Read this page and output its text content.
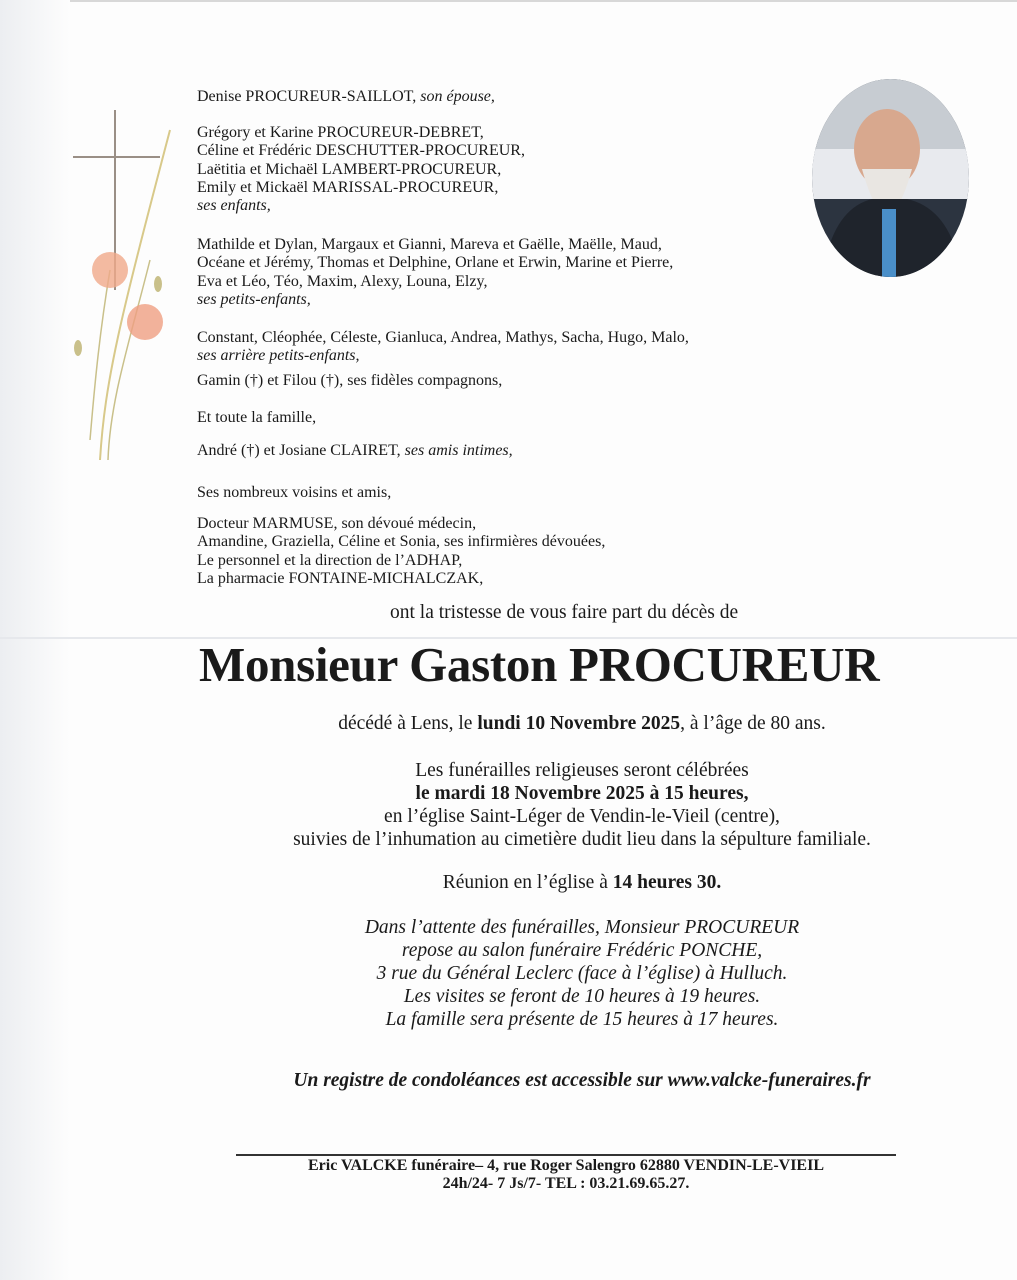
Denise PROCUREUR-SAILLOT, son épouse,
Grégory et Karine PROCUREUR-DEBRET,
Céline et Frédéric DESCHUTTER-PROCUREUR,
Laëtitia et Michaël LAMBERT-PROCUREUR,
Emily et Mickaël MARISSAL-PROCUREUR,
ses enfants,
Mathilde et Dylan, Margaux et Gianni, Mareva et Gaëlle, Maëlle, Maud,
Océane et Jérémy, Thomas et Delphine, Orlane et Erwin, Marine et Pierre,
Eva et Léo, Téo, Maxim, Alexy, Louna, Elzy,
ses petits-enfants,
Constant, Cléophée, Céleste, Gianluca, Andrea, Mathys, Sacha, Hugo, Malo,
ses arrière petits-enfants,
Gamin (†) et Filou (†), ses fidèles compagnons,
Et toute la famille,
André (†) et Josiane CLAIRET, ses amis intimes,
Ses nombreux voisins et amis,
Docteur MARMUSE, son dévoué médecin,
Amandine, Graziella, Céline et Sonia, ses infirmières dévouées,
Le personnel et la direction de l’ADHAP,
La pharmacie FONTAINE-MICHALCZAK,
ont la tristesse de vous faire part du décès de
Monsieur Gaston PROCUREUR
décédé à Lens, le lundi 10 Novembre 2025, à l’âge de 80 ans.
Les funérailles religieuses seront célébrées
le mardi 18 Novembre 2025 à 15 heures,
en l’église Saint-Léger de Vendin-le-Vieil (centre),
suivies de l’inhumation au cimetière dudit lieu dans la sépulture familiale.
Réunion en l’église à 14 heures 30.
Dans l’attente des funérailles, Monsieur PROCUREUR
repose au salon funéraire Frédéric PONCHE,
3 rue du Général Leclerc (face à l’église) à Hulluch.
Les visites se feront de 10 heures à 19 heures.
La famille sera présente de 15 heures à 17 heures.
Un registre de condoléances est accessible sur www.valcke-funeraires.fr
Eric VALCKE funéraire– 4, rue Roger Salengro 62880 VENDIN-LE-VIEIL
24h/24- 7 Js/7- TEL : 03.21.69.65.27.
